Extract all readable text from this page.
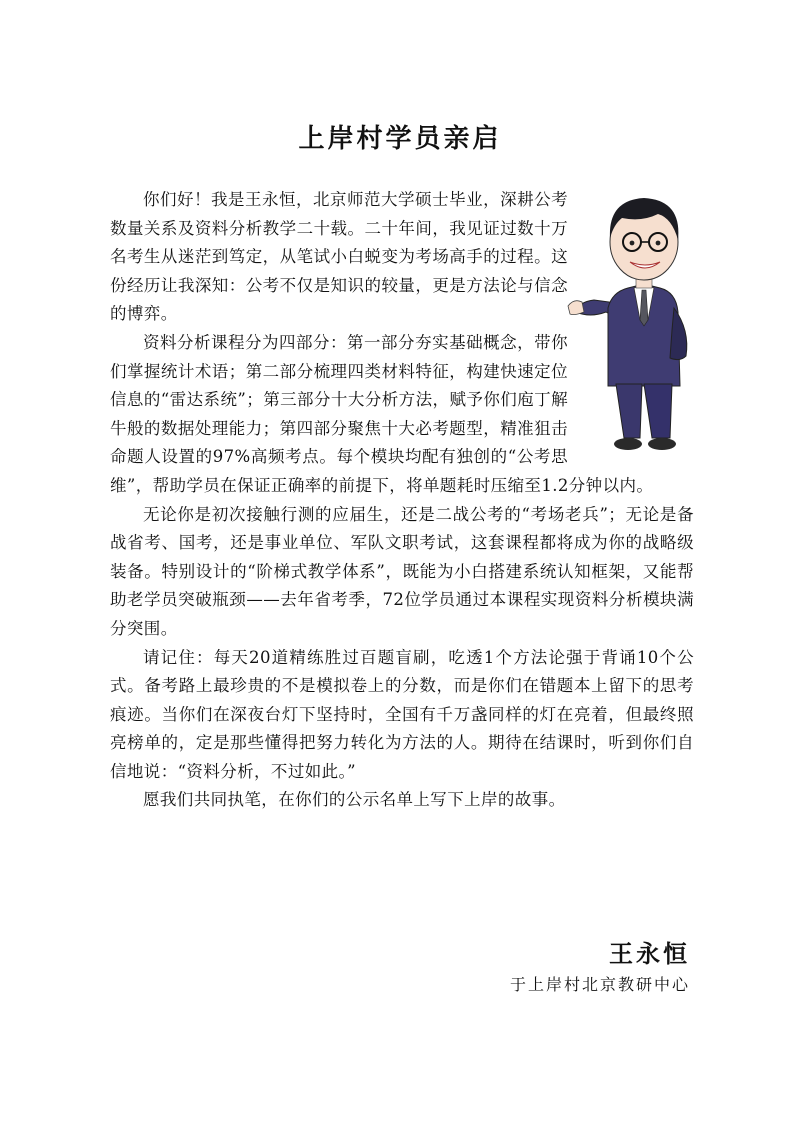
上岸村学员亲启

你们好！我是王永恒，北京师范大学硕士毕业，深耕公考数量关系及资料分析教学二十载。二十年间，我见证过数十万名考生从迷茫到笃定，从笔试小白蜕变为考场高手的过程。这份经历让我深知：公考不仅是知识的较量，更是方法论与信念的博弈。

资料分析课程分为四部分：第一部分夯实基础概念，带你们掌握统计术语；第二部分梳理四类材料特征，构建快速定位信息的“雷达系统”；第三部分十大分析方法，赋予你们庖丁解牛般的数据处理能力；第四部分聚焦十大必考题型，精准狙击命题人设置的97%高频考点。每个模块均配有独创的“公考思维”，帮助学员在保证正确率的前提下，将单题耗时压缩至1.2分钟以内。

无论你是初次接触行测的应届生，还是二战公考的“考场老兵”；无论是备战省考、国考，还是事业单位、军队文职考试，这套课程都将成为你的战略级装备。特别设计的“阶梯式教学体系”，既能为小白搭建系统认知框架，又能帮助老学员突破瓶颈——去年省考季，72位学员通过本课程实现资料分析模块满分突围。

请记住：每天20道精练胜过百题盲刷，吃透1个方法论强于背诵10个公式。备考路上最珍贵的不是模拟卷上的分数，而是你们在错题本上留下的思考痕迹。当你们在深夜台灯下坚持时，全国有千万盏同样的灯在亮着，但最终照亮榜单的，定是那些懂得把努力转化为方法的人。期待在结课时，听到你们自信地说：“资料分析，不过如此。”

愿我们共同执笔，在你们的公示名单上写下上岸的故事。

王永恒

于上岸村北京教研中心
